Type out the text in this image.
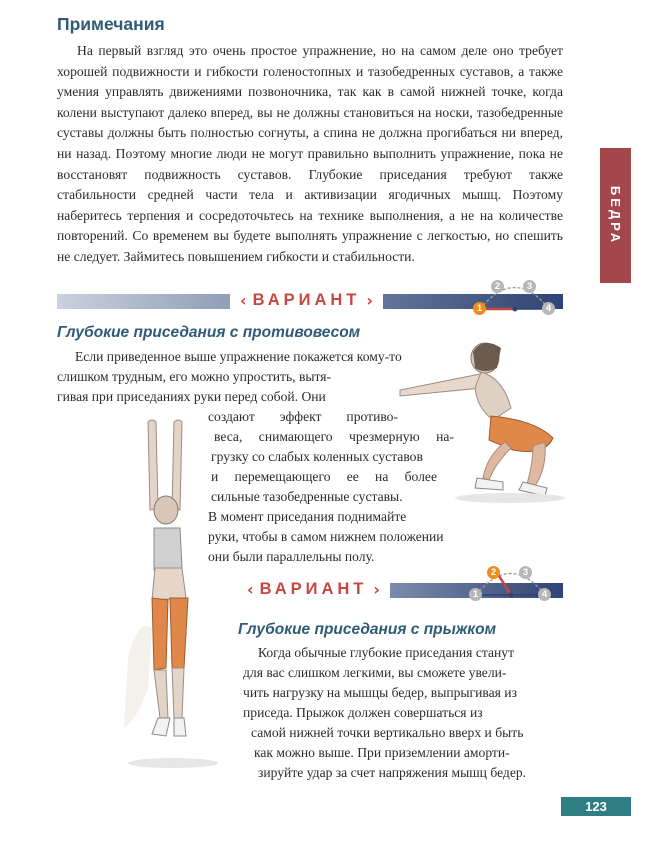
Примечания

На первый взгляд это очень простое упражнение, но на самом деле оно требует хорошей подвижности и гибкости голеностопных и тазобедренных суставов, а также умения управлять движениями позвоночника, так как в самой нижней точке, когда колени выступают далеко вперед, вы не должны становиться на носки, тазобедренные суставы должны быть полностью согнуты, а спина не должна прогибаться ни вперед, ни назад. Поэтому многие люди не могут правильно выполнить упражнение, пока не восстановят подвижность суставов. Глубокие приседания требуют также стабильности средней части тела и активизации ягодичных мышц. Поэтому наберитесь терпения и сосредоточьтесь на технике выполнения, а не на количестве повторений. Со временем вы будете выполнять упражнение с легкостью, но спешить не следует. Займитесь повышением гибкости и стабильности.

БЕДРА
‹ ВАРИАНТ ›	1
2	3
4
Глубокие приседания с противовесом

Если приведенное выше упражнение покажется кому-то

слишком трудным, его можно упростить, вытя-

гивая при приседаниях руки перед собой. Они

создают эффект противо-

веса, снимающего чрезмерную на-

грузку со слабых коленных суставов

и перемещающего ее на более

сильные тазобедренные суставы.

В момент приседания поднимайте

руки, чтобы в самом нижнем положении

они были параллельны полу.

‹ ВАРИАНТ ›	1
2	3
4
Глубокие приседания с прыжком

Когда обычные глубокие приседания станут

для вас слишком легкими, вы сможете увели-

чить нагрузку на мышцы бедер, выпрыгивая из

приседа. Прыжок должен совершаться из

самой нижней точки вертикально вверх и быть

как можно выше. При приземлении аморти-

зируйте удар за счет напряжения мышц бедер.

123
